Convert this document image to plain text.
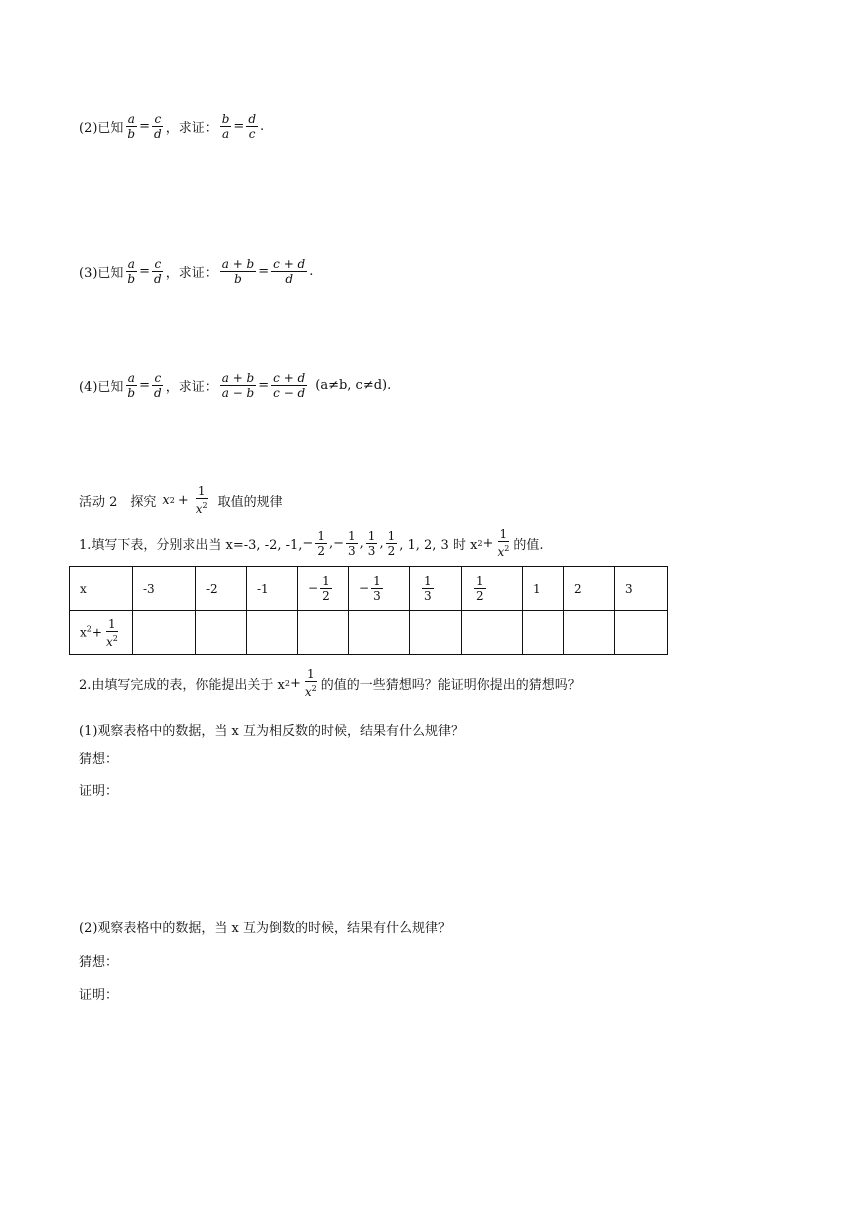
(2)已知 $\frac{a}{b} = \frac{c}{d}$ ，求证： $\frac{b}{a} = \frac{d}{c}$ .
(3)已知 $\frac{a}{b} = \frac{c}{d}$ ，求证： $\frac{a + b}{b} = \frac{c + d}{d}$ .
(4)已知 $\frac{a}{b} = \frac{c}{d}$ ，求证： $\frac{a + b}{a - b} = \frac{c + d}{c - d} (a\ne b$, c≠d).
活动 2　探究 x $2 + \frac{1}{x^2}$ 取值的规律
1.填写下表，分别求出当 x=-3, -2, -1, − $\frac{1}{2}$ , − $\frac{1}{3}$ , $\frac{1}{3}$ , $\frac{1}{2}$ , 1, 2, 3 时 x $2 + \frac{1}{x^2}$ 的值.
x	-3	-2	-1	− $\frac{1}{2}$	− $\frac{1}{3}$	$\frac{1}{3}$	$\frac{1}{2}$	1	2	3
$x^2+ \frac{1}{x^2}$

2.由填写完成的表，你能提出关于 x $2 + \frac{1}{x^2}$ 的值的一些猜想吗？能证明你提出的猜想吗？
(1)观察表格中的数据，当 x 互为相反数的时候，结果有什么规律？
猜想：
证明：
(2)观察表格中的数据，当 x 互为倒数的时候，结果有什么规律？
猜想：
证明：
